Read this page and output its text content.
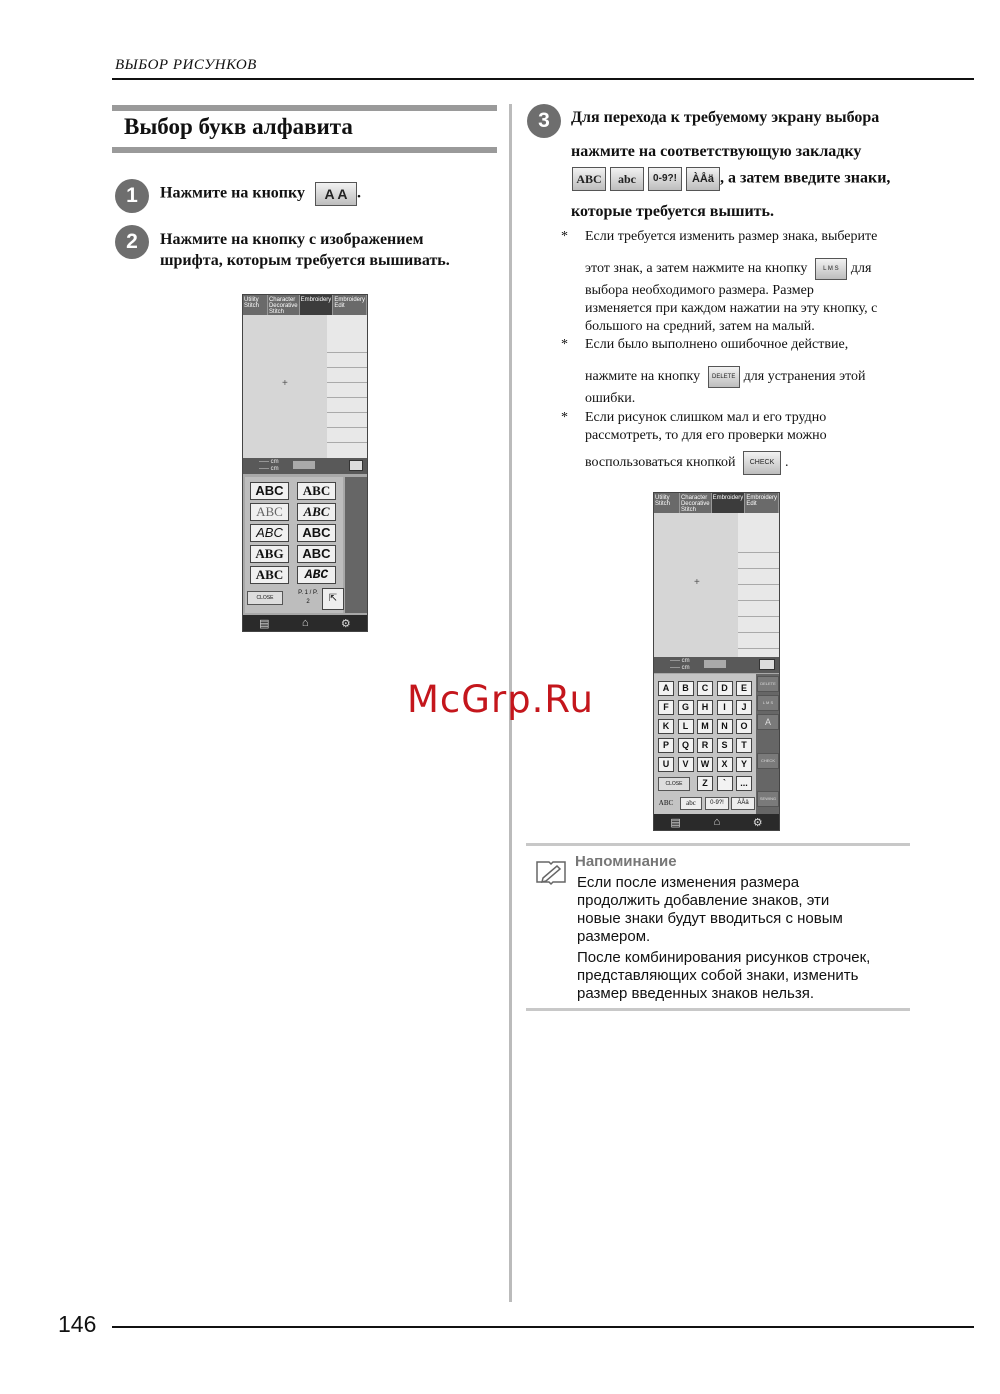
ВЫБОР РИСУНКОВ
Выбор букв алфавита
1	Нажмите на кнопку A A .
2	Нажмите на кнопку с изображением
шрифта, которым требуется вышивать.
Utility Stitch
Character Decorative Stitch
Embroidery Embroidery Edit
+
----- cm
----- cm
ABC	ABC
ABC	ABC
ABC	ABC
ABG	ABC
ABC	ABC
CLOSE
P. 1 / P. 2	⇱
▤	⌂	⚙
3	Для перехода к требуемому экрану выбора
нажмите на соответствующую закладку
ABC abc 0-9?! ÀÅä , а затем введите знаки,
которые требуется вышить.
* Если требуется изменить размер знака, выберите
этот знак, а затем нажмите на кнопку	L M S для
выбора необходимого размера. Размер
изменяется при каждом нажатии на эту кнопку, с
большого на средний, затем на малый.
* Если было выполнено ошибочное действие,
нажмите на кнопку DELETE для устранения этой
ошибки.
* Если рисунок слишком мал и его трудно
рассмотреть, то для его проверки можно
воспользоваться кнопкой CHECK .
Utility Stitch
Character Decorative Stitch
Embroidery Embroidery Edit
+
----- cm
----- cm
CLOSE
DELETE
L M S
A
CHECK
SEWING
ABC	abc	0-9?!	ÀÅä
▤	⌂	⚙
A	B	C	D	E
F	G	H	I	J
K	L	M	N	O
P	Q	R	S	T
U	V	W	X	Y
Z	`	...
McGrp.Ru
Напоминание
Если после изменения размера
продолжить добавление знаков, эти
новые знаки будут вводиться с новым
размером.
После комбинирования рисунков строчек,
представляющих собой знаки, изменить
размер введенных знаков нельзя.
146
